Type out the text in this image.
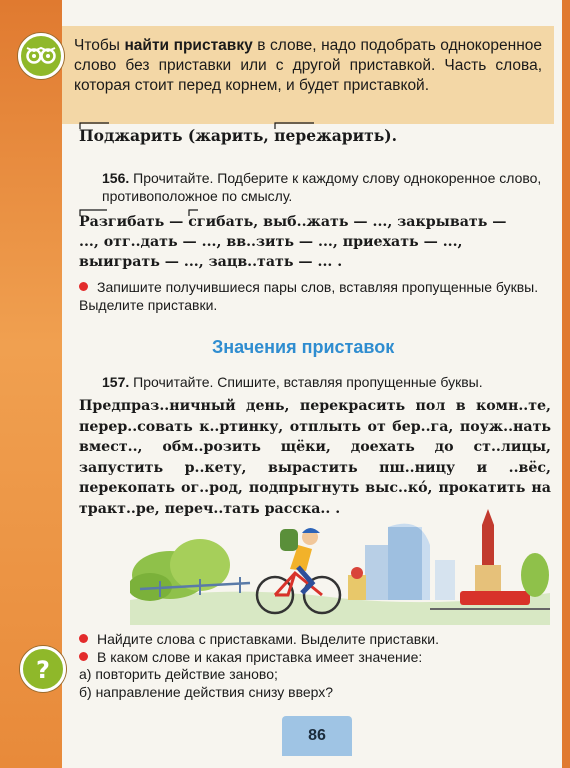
Чтобы найти приставку в слове, надо подобрать однокоренное слово без приставки или с другой приставкой. Часть слова, которая стоит перед корнем, и будет приставкой.

Поджарить (жарить, пережарить).
156. Прочитайте. Подберите к каждому слову однокоренное слово, противоположное по смыслу.
Разгибать —
сгибать, выб..жать — ..., закрывать —
..., отг..дать — ..., вв..зить — ..., приехать — ...,
выиграть — ..., зацв..тать — ... .
Запишите получившиеся пары слов, вставляя пропущенные буквы. Выделите приставки.
Значения приставок
157. Прочитайте. Спишите, вставляя пропущенные буквы.
Предпраз..ничный день, перекрасить пол в комн..те, перер..совать к..ртинку, отплыть от бер..га, поуж..нать вмест.., обм..розить щёки, доехать до ст..лицы, запустить р..кету, вырастить пш..ницу и ..вёс, перекопать ог..род, подпрыгнуть выс..кó, прокатить на тракт..ре, переч..тать расска.. .
?
Найдите слова с приставками. Выделите приставки.
В каком слове и какая приставка имеет значение:
а) повторить действие заново;
б) направление действия снизу вверх?
86
